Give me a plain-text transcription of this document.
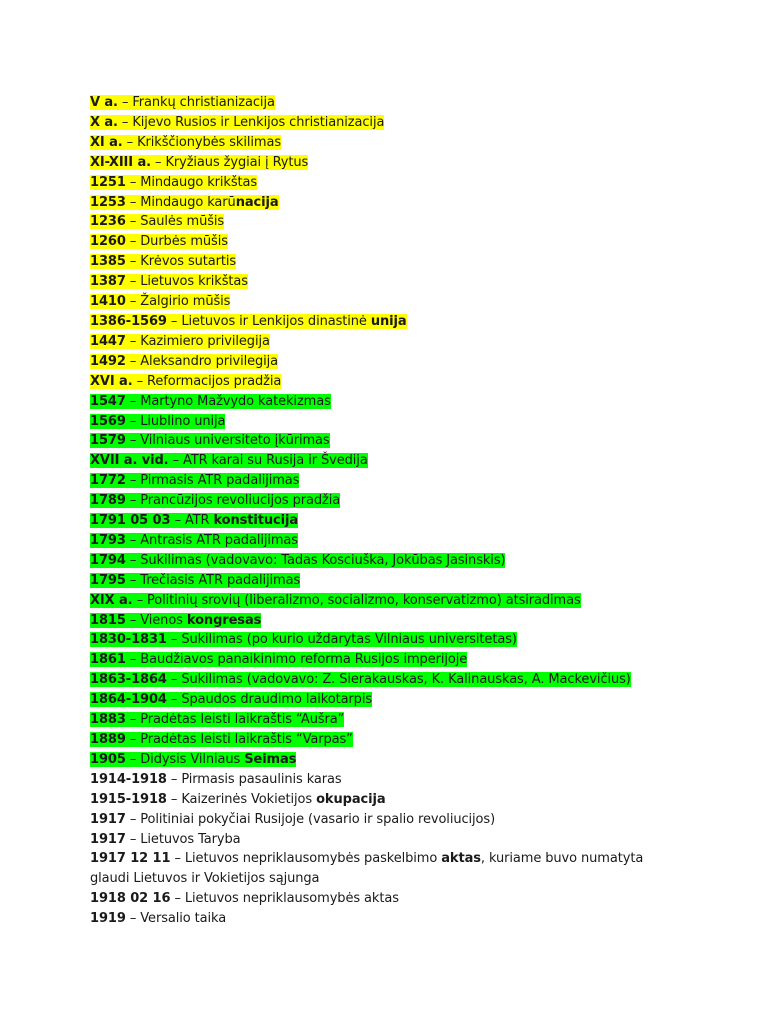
V a. – Frankų christianizacija
X a. – Kijevo Rusios ir Lenkijos christianizacija
XI a. – Krikščionybės skilimas
XI-XIII a. – Kryžiaus žygiai į Rytus
1251 – Mindaugo krikštas
1253 – Mindaugo karūnacija
1236 – Saulės mūšis
1260 – Durbės mūšis
1385 – Krėvos sutartis
1387 – Lietuvos krikštas
1410 – Žalgirio mūšis
1386-1569 – Lietuvos ir Lenkijos dinastinė unija
1447 – Kazimiero privilegija
1492 – Aleksandro privilegija
XVI a. – Reformacijos pradžia
1547 – Martyno Mažvydo katekizmas
1569 – Liublino unija
1579 – Vilniaus universiteto įkūrimas
XVII a. vid. – ATR karai su Rusija ir Švedija
1772 – Pirmasis ATR padalijimas
1789 – Prancūzijos revoliucijos pradžia
1791 05 03 – ATR konstitucija
1793 – Antrasis ATR padalijimas
1794 – Sukilimas (vadovavo: Tadas Kosciuška, Jokūbas Jasinskis)
1795 – Trečiasis ATR padalijimas
XIX a. – Politinių srovių (liberalizmo, socializmo, konservatizmo) atsiradimas
1815 – Vienos kongresas
1830-1831 – Sukilimas (po kurio uždarytas Vilniaus universitetas)
1861 – Baudžiavos panaikinimo reforma Rusijos imperijoje
1863-1864 – Sukilimas (vadovavo: Z. Sierakauskas, K. Kalinauskas, A. Mackevičius)
1864-1904 – Spaudos draudimo laikotarpis
1883 – Pradėtas leisti laikraštis “Aušra”
1889 – Pradėtas leisti laikraštis “Varpas”
1905 – Didysis Vilniaus Seimas
1914-1918 – Pirmasis pasaulinis karas
1915-1918 – Kaizerinės Vokietijos okupacija
1917 – Politiniai pokyčiai Rusijoje (vasario ir spalio revoliucijos)
1917 – Lietuvos Taryba
1917 12 11 – Lietuvos nepriklausomybės paskelbimo aktas, kuriame buvo numatyta glaudi Lietuvos ir Vokietijos sąjunga
1918 02 16 – Lietuvos nepriklausomybės aktas
1919 – Versalio taika
